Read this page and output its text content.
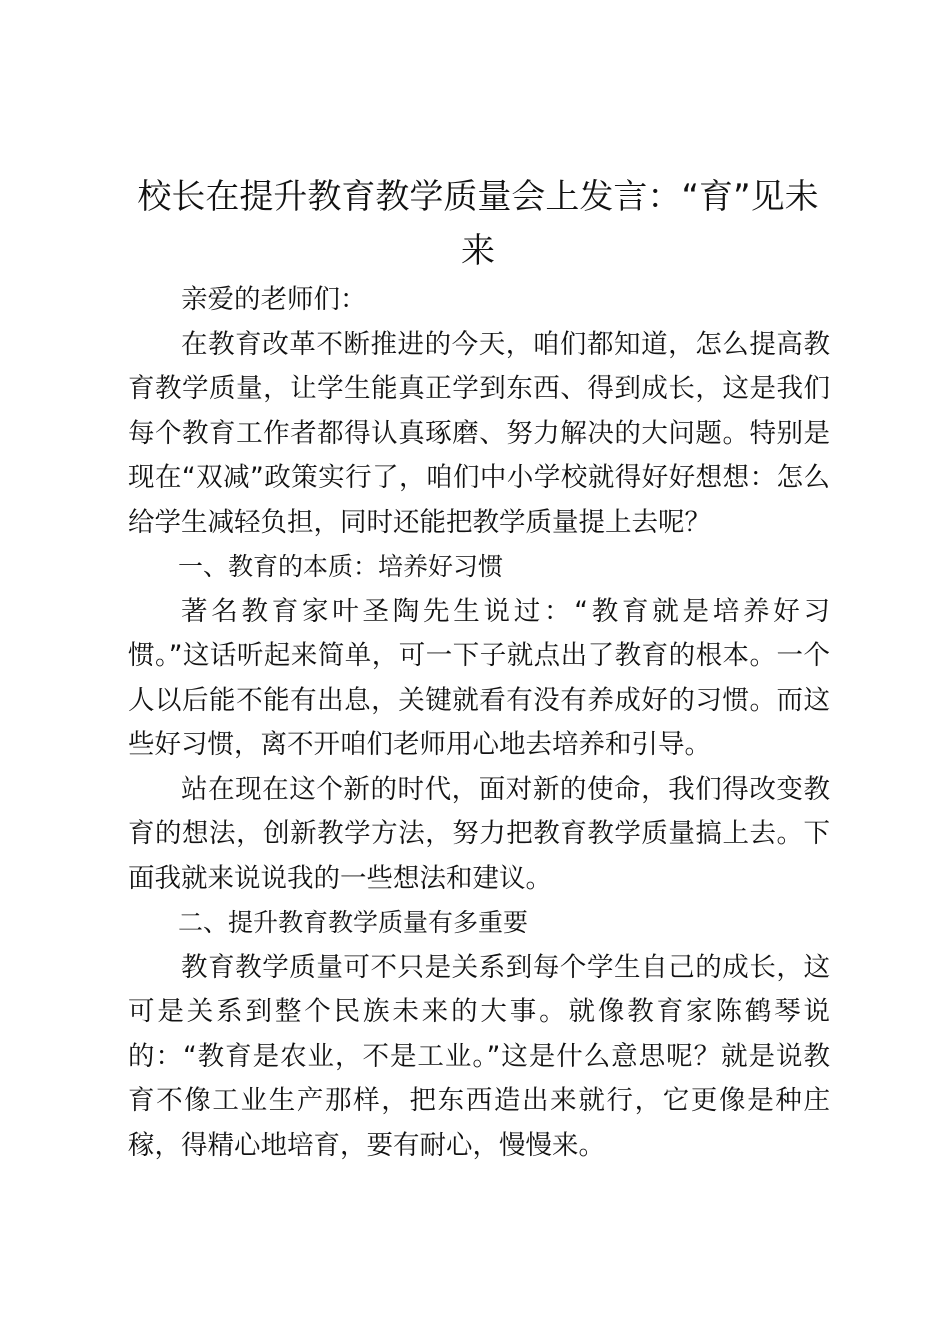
校长在提升教育教学质量会上发言：“育”见未来

亲爱的老师们：

在教育改革不断推进的今天，咱们都知道，怎么提高教育教学质量，让学生能真正学到东西、得到成长，这是我们每个教育工作者都得认真琢磨、努力解决的大问题。特别是现在“双减”政策实行了，咱们中小学校就得好好想想：怎么给学生减轻负担，同时还能把教学质量提上去呢？

一、教育的本质：培养好习惯

著名教育家叶圣陶先生说过：“教育就是培养好习惯。”这话听起来简单，可一下子就点出了教育的根本。一个人以后能不能有出息，关键就看有没有养成好的习惯。而这些好习惯，离不开咱们老师用心地去培养和引导。

站在现在这个新的时代，面对新的使命，我们得改变教育的想法，创新教学方法，努力把教育教学质量搞上去。下面我就来说说我的一些想法和建议。

二、提升教育教学质量有多重要

教育教学质量可不只是关系到每个学生自己的成长，这可是关系到整个民族未来的大事。就像教育家陈鹤琴说的：“教育是农业，不是工业。”这是什么意思呢？就是说教育不像工业生产那样，把东西造出来就行，它更像是种庄稼，得精心地培育，要有耐心，慢慢来。
